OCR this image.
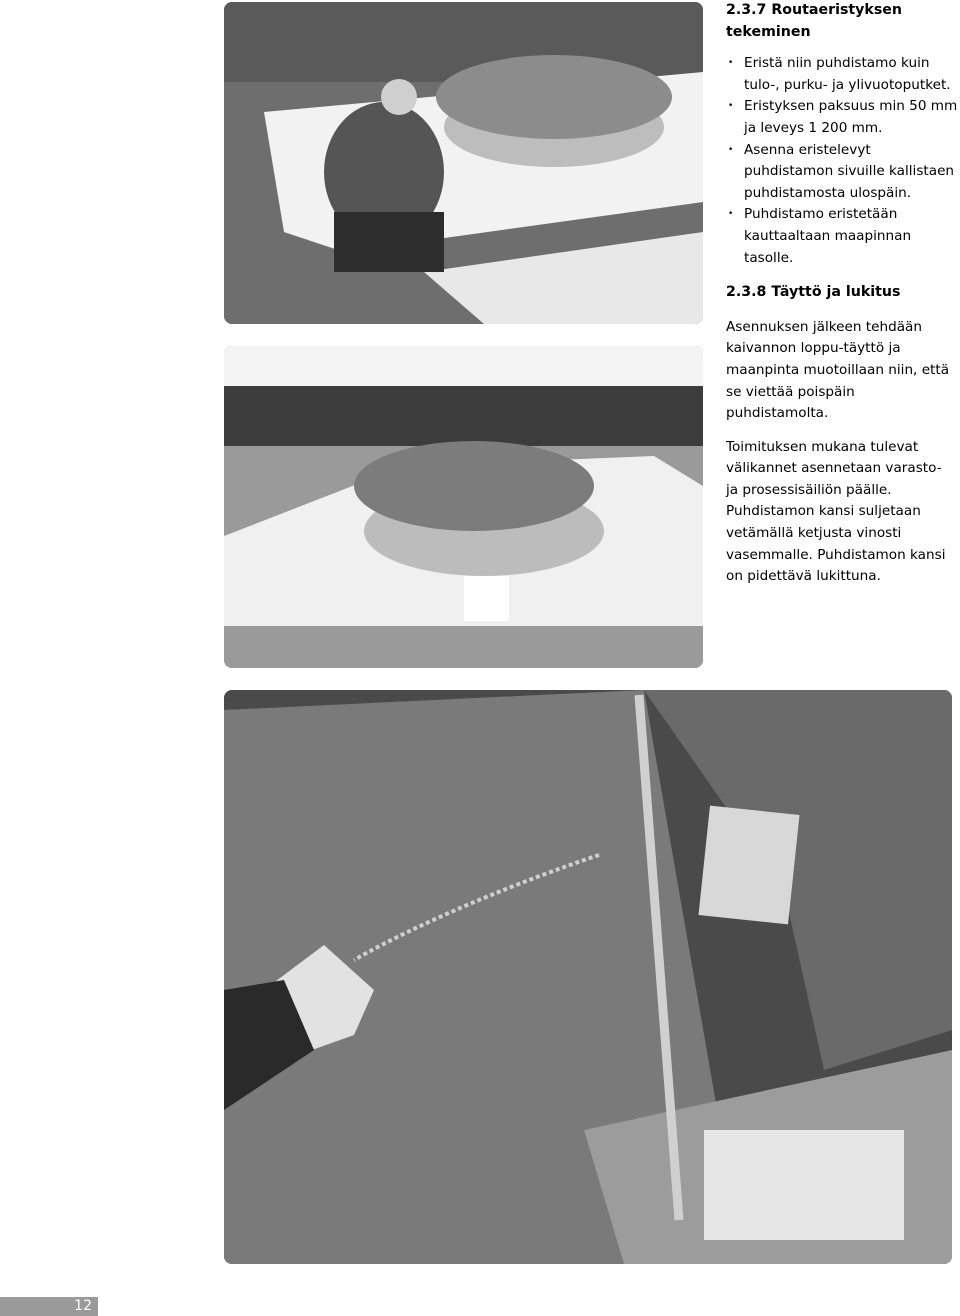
2.3.7 Routaeristyksen tekeminen
• Eristä niin puhdistamo kuin tulo-, purku- ja ylivuotoputket.
• Eristyksen paksuus min 50 mm ja leveys 1 200 mm.
• Asenna eristelevyt puhdistamon sivuille kallistaen puhdistamosta ulospäin.
• Puhdistamo eristetään kauttaaltaan maapinnan tasolle.
2.3.8 Täyttö ja lukitus

Asennuksen jälkeen tehdään kaivannon loppu-täyttö ja maanpinta muotoillaan niin, että se viettää poispäin puhdistamolta.

Toimituksen mukana tulevat välikannet asennetaan varasto- ja prosessisäiliön päälle. Puhdistamon kansi suljetaan vetämällä ketjusta vinosti vasemmalle. Puhdistamon kansi on pidettävä lukittuna.

12
